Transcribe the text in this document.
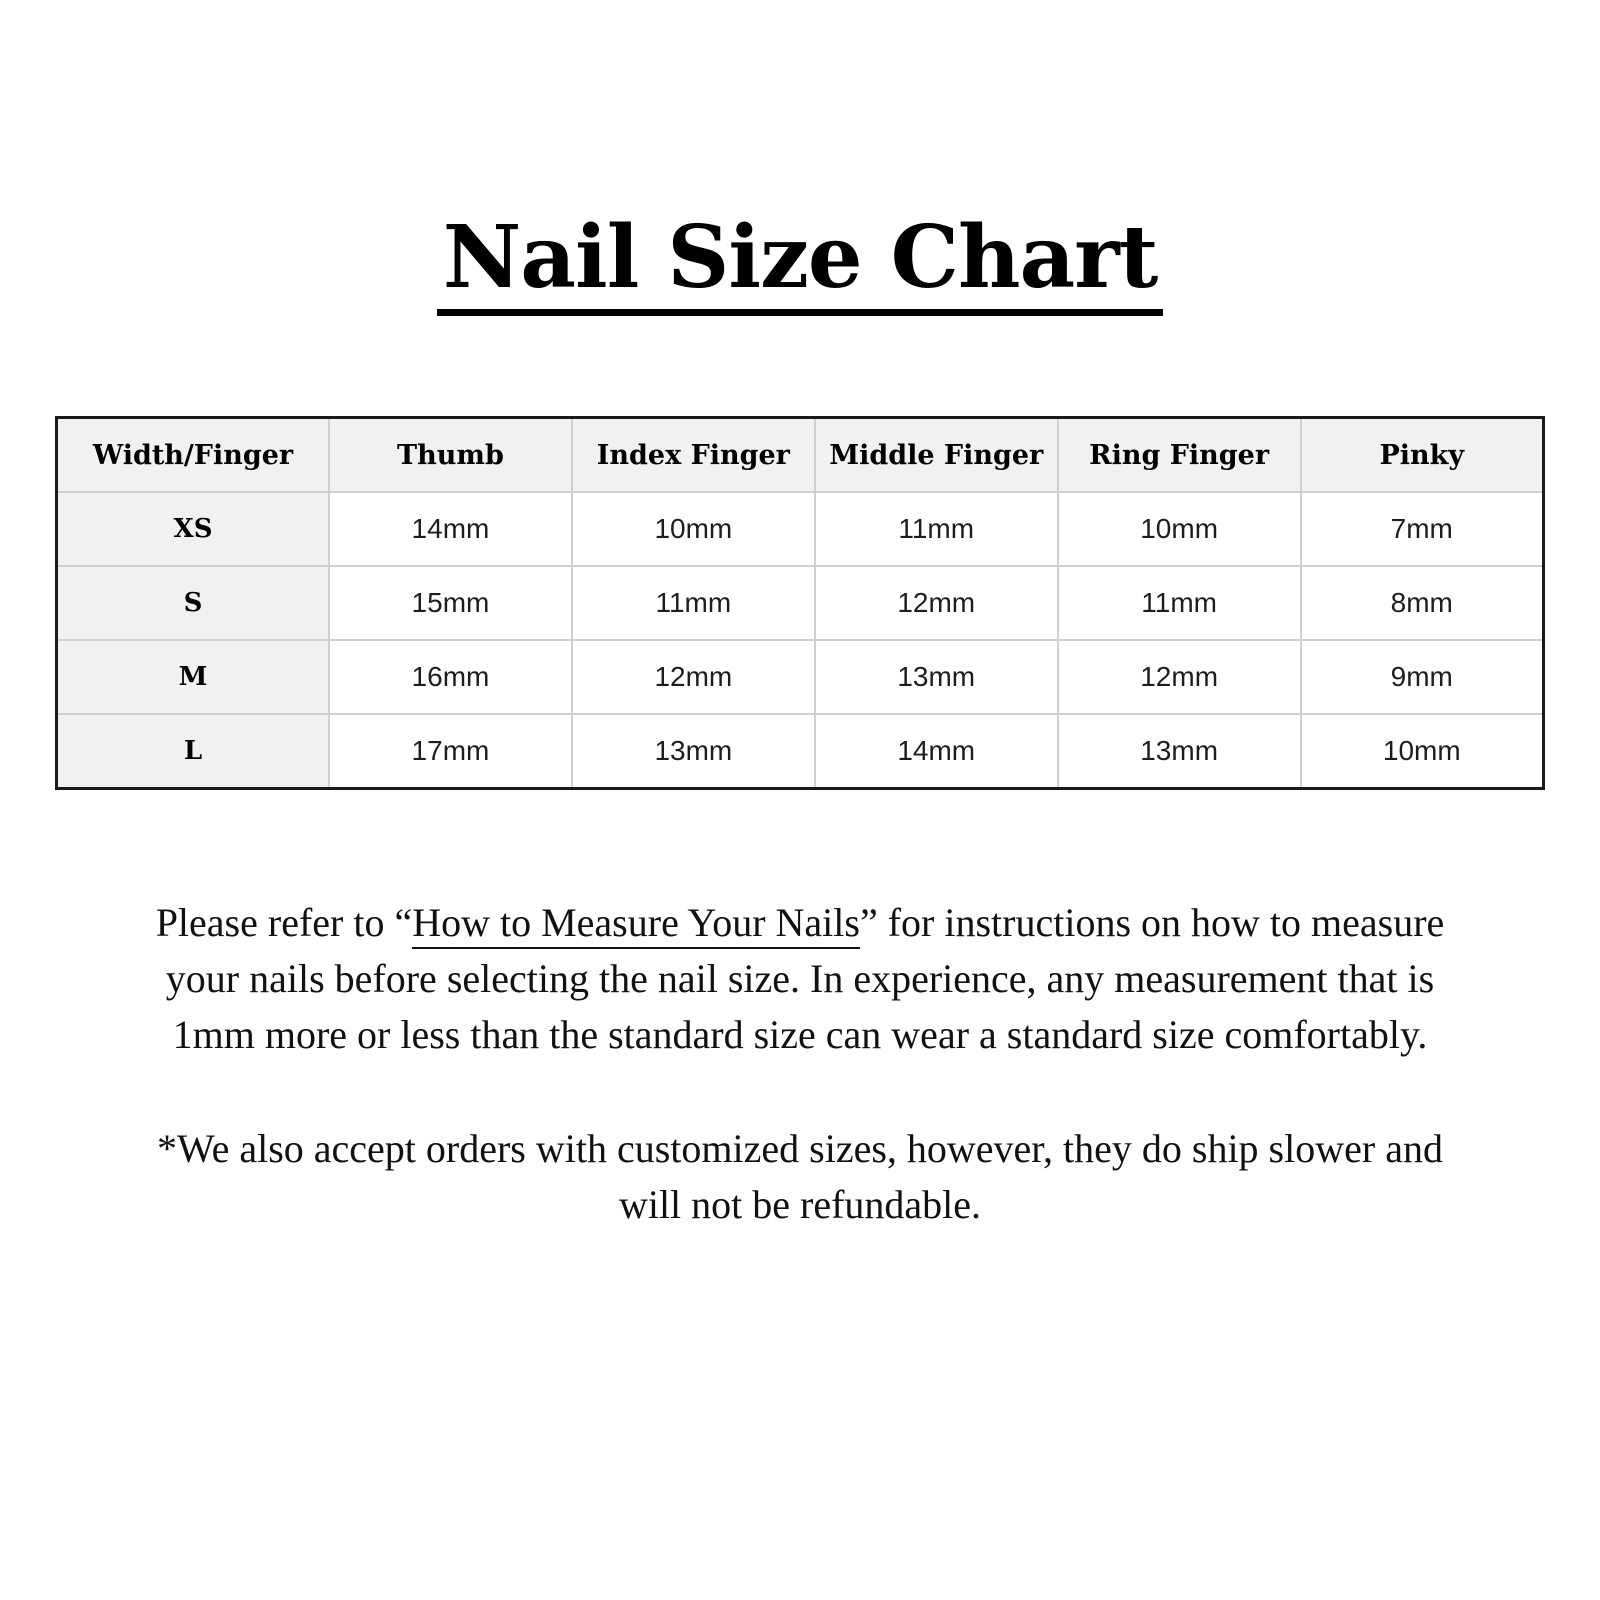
Nail Size Chart
Width/Finger	Thumb	Index Finger	Middle Finger	Ring Finger	Pinky
XS	14mm	10mm	11mm	10mm	7mm
S	15mm	11mm	12mm	11mm	8mm
M	16mm	12mm	13mm	12mm	9mm
L	17mm	13mm	14mm	13mm	10mm

Please refer to “How to Measure Your Nails” for instructions on how to measure your nails before selecting the nail size. In experience, any measurement that is 1mm more or less than the standard size can wear a standard size comfortably.

*We also accept orders with customized sizes, however, they do ship slower and will not be refundable.
